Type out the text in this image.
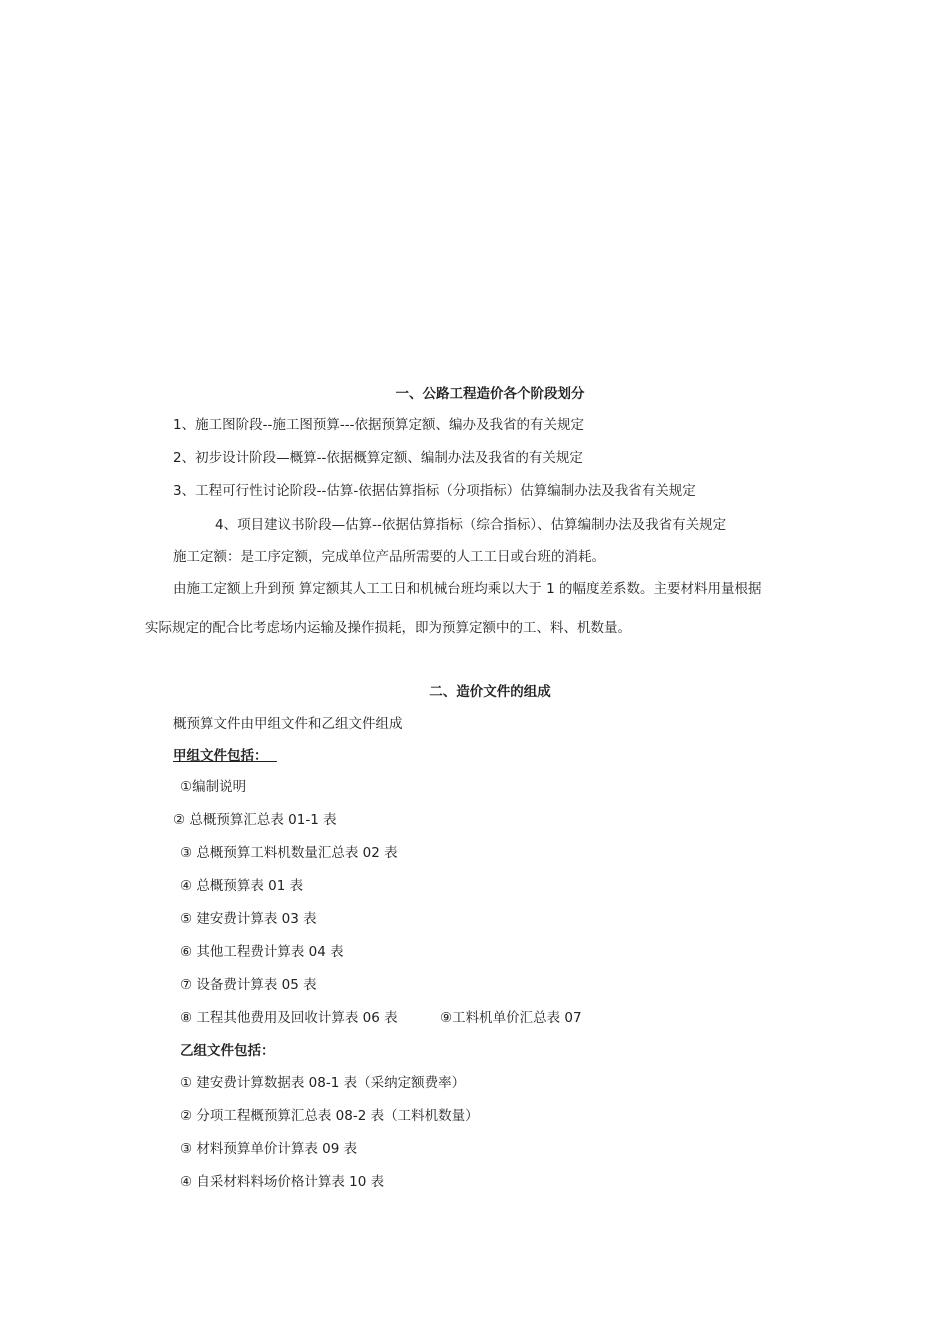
一、公路工程造价各个阶段划分
1、施工图阶段--施工图预算---依据预算定额、编办及我省的有关规定
2、初步设计阶段—概算--依据概算定额、编制办法及我省的有关规定
3、工程可行性讨论阶段--估算-依据估算指标（分项指标）估算编制办法及我省有关规定
4、项目建议书阶段—估算--依据估算指标（综合指标）、估算编制办法及我省有关规定
施工定额：是工序定额，完成单位产品所需要的人工工日或台班的消耗。
由施工定额上升到预 算定额其人工工日和机械台班均乘以大于 1 的幅度差系数。主要材料用量根据
实际规定的配合比考虑场内运输及操作损耗，即为预算定额中的工、料、机数量。
二、造价文件的组成
概预算文件由甲组文件和乙组文件组成
甲组文件包括：
①编制说明
② 总概预算汇总表 01-1 表
③ 总概预算工料机数量汇总表 02 表
④ 总概预算表 01 表
⑤ 建安费计算表 03 表
⑥ 其他工程费计算表 04 表
⑦ 设备费计算表 05 表
⑧ 工程其他费用及回收计算表 06 表	⑨工料机单价汇总表 07
乙组文件包括：
① 建安费计算数据表 08-1 表（采纳定额费率）
② 分项工程概预算汇总表 08-2 表（工料机数量）
③ 材料预算单价计算表 09 表
④ 自采材料料场价格计算表 10 表
